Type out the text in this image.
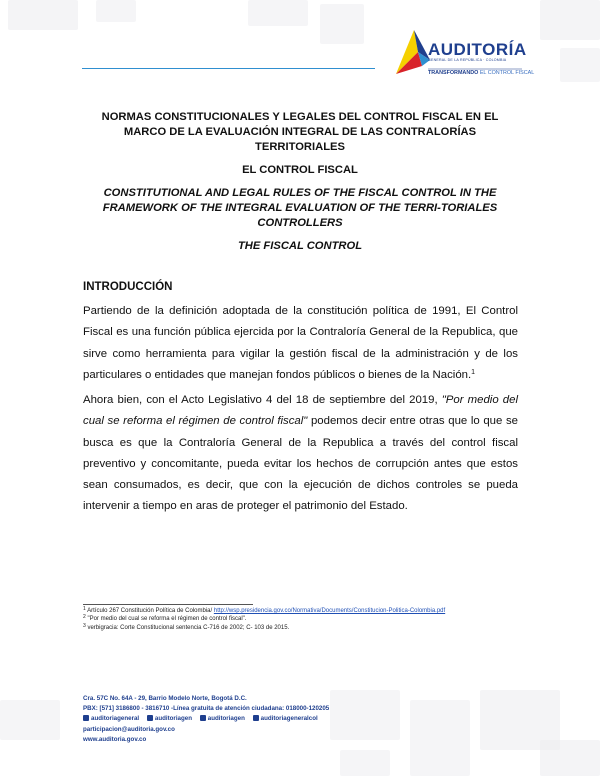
AUDITORÍA
GENERAL DE LA REPÚBLICA · COLOMBIA
TRANSFORMANDO EL CONTROL FISCAL
NORMAS CONSTITUCIONALES Y LEGALES DEL CONTROL FISCAL EN EL MARCO DE LA EVALUACIÓN INTEGRAL DE LAS CONTRALORÍAS TERRITORIALES
EL CONTROL FISCAL
CONSTITUTIONAL AND LEGAL RULES OF THE FISCAL CONTROL IN THE FRAMEWORK OF THE INTEGRAL EVALUATION OF THE TERRI-TORIALES CONTROLLERS
THE FISCAL CONTROL
INTRODUCCIÓN

Partiendo de la definición adoptada de la constitución política de 1991, El Control Fiscal es una función pública ejercida por la Contraloría General de la Republica, que sirve como herramienta para vigilar la gestión fiscal de la administración y de los particulares o entidades que manejan fondos públicos o bienes de la Nación.$^1$

Ahora bien, con el Acto Legislativo 4 del 18 de septiembre del 2019, "Por medio del cual se reforma el régimen de control fiscal" podemos decir entre otras que lo que se busca es que la Contraloría General de la Republica a través del control fiscal preventivo y concomitante, pueda evitar los hechos de corrupción antes que estos sean consumados, es decir, que con la ejecución de dichos controles se pueda intervenir a tiempo en aras de proteger el patrimonio del Estado.

$^1$ Artículo 267 Constitución Política de Colombia/ http://wsp.presidencia.gov.co/Normativa/Documents/Constitucion-Politica-Colombia.pdf
$^2$ "Por medio del cual se reforma el régimen de control fiscal".
$^3$ verbigracia: Corte Constitucional sentencia C-716 de 2002; C- 103 de 2015.
Cra. 57C No. 64A - 29, Barrio Modelo Norte, Bogotá D.C.
PBX: [571] 3186800 - 3816710 -Línea gratuita de atención ciudadana: 018000-120205
auditoriageneral
	auditoriagen
	auditoriagen
	auditoriageneralcol
participacion@auditoria.gov.co
www.auditoria.gov.co
